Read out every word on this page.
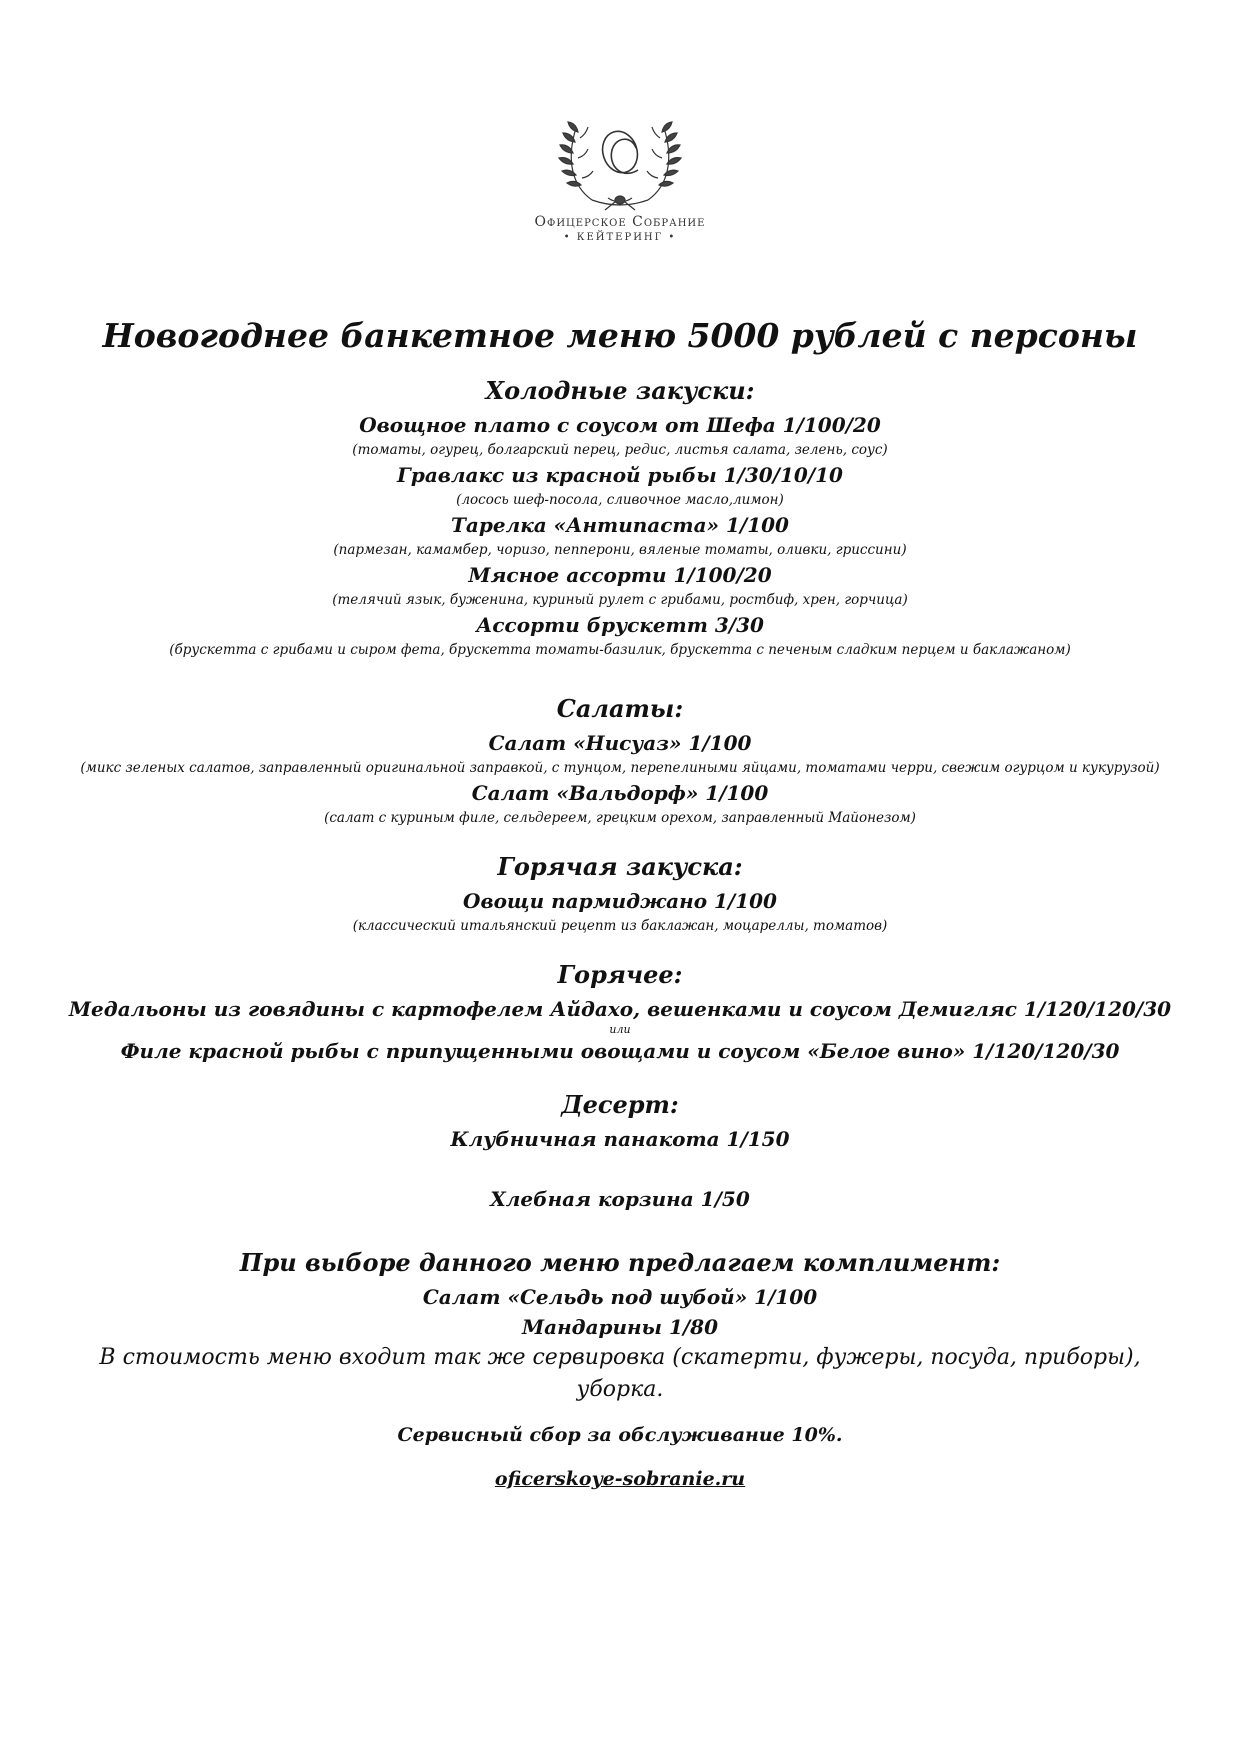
Офицерское Собрание
• КЕЙТЕРИНГ •
Новогоднее банкетное меню 5000 рублей с персоны
Холодные закуски:
Овощное плато с соусом от Шефа 1/100/20
(томаты, огурец, болгарский перец, редис, листья салата, зелень, соус)
Гравлакс из красной рыбы 1/30/10/10
(лосось шеф-посола, сливочное масло,лимон)
Тарелка «Антипаста» 1/100
(пармезан, камамбер, чоризо, пепперони, вяленые томаты, оливки, гриссини)
Мясное ассорти 1/100/20
(телячий язык, буженина, куриный рулет с грибами, ростбиф, хрен, горчица)
Ассорти брускетт 3/30
(брускетта с грибами и сыром фета, брускетта томаты-базилик, брускетта с печеным сладким перцем и баклажаном)
Салаты:
Салат «Нисуаз» 1/100
(микс зеленых салатов, заправленный оригинальной заправкой, с тунцом, перепелиными яйцами, томатами черри, свежим огурцом и кукурузой)
Салат «Вальдорф» 1/100
(салат с куриным филе, сельдереем, грецким орехом, заправленный Майонезом)
Горячая закуска:
Овощи пармиджано 1/100
(классический итальянский рецепт из баклажан, моцареллы, томатов)
Горячее:
Медальоны из говядины с картофелем Айдахо, вешенками и соусом Демигляс 1/120/120/30
или
Филе красной рыбы с припущенными овощами и соусом «Белое вино» 1/120/120/30
Десерт:
Клубничная панакота 1/150
Хлебная корзина 1/50
При выборе данного меню предлагаем комплимент:
Салат «Сельдь под шубой» 1/100
Мандарины 1/80
В стоимость меню входит так же сервировка (скатерти, фужеры, посуда, приборы), уборка.
Сервисный сбор за обслуживание 10%.
oficerskoye-sobranie.ru
